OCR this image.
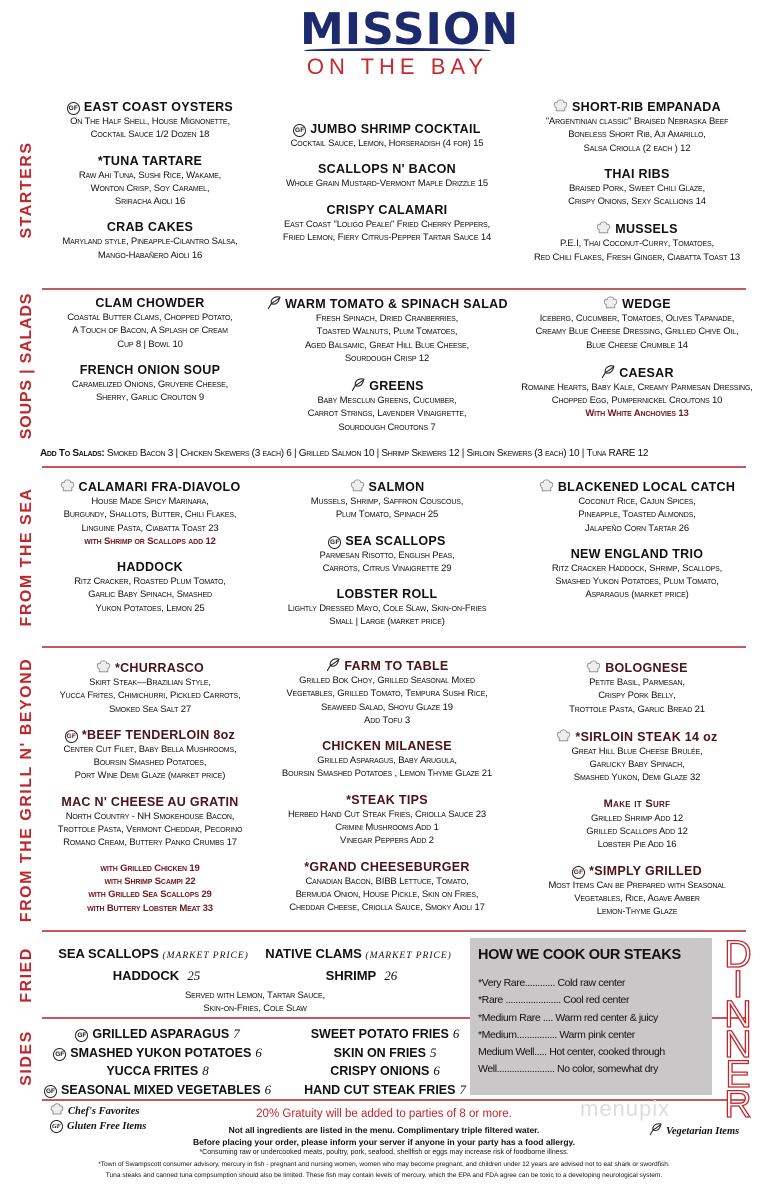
MISSION
ON THE BAY
STARTERS
SOUPS | SALADS
FROM THE SEA
FROM THE GRILL N' BEYOND
FRIED
SIDES
GF EAST COAST OYSTERS
On The Half Shell, House Mignonette,
Cocktail Sauce 1/2 Dozen 18
*TUNA TARTARE
Raw Ahi Tuna, Sushi Rice, Wakame,
Wonton Crisp, Soy Caramel,
Sriracha Aioli 16
CRAB CAKES
Maryland style, Pineapple-Cilantro Salsa,
Mango-Habañero Aioli 16
GF JUMBO SHRIMP COCKTAIL
Cocktail Sauce, Lemon, Horseradish (4 for) 15
SCALLOPS N' BACON
Whole Grain Mustard-Vermont Maple Drizzle 15
CRISPY CALAMARI
East Coast "Loligo Pealei" Fried Cherry Peppers,
Fried Lemon, Fiery Citrus-Pepper Tartar Sauce 14
SHORT-RIB EMPANADA
"Argentinian classic" Braised Nebraska Beef
Boneless Short Rib, Aji Amarillo,
Salsa Criolla (2 each ) 12
THAI RIBS
Braised Pork, Sweet Chili Glaze,
Crispy Onions, Sexy Scallions 14
MUSSELS
P.E.I, Thai Coconut-Curry, Tomatoes,
Red Chili Flakes, Fresh Ginger, Ciabatta Toast 13
CLAM CHOWDER
Coastal Butter Clams, Chopped Potato,
A Touch of Bacon, A Splash of Cream
Cup 8 | Bowl 10
FRENCH ONION SOUP
Caramelized Onions, Gruyere Cheese,
Sherry, Garlic Crouton 9
WARM TOMATO & SPINACH SALAD
Fresh Spinach, Dried Cranberries,
Toasted Walnuts, Plum Tomatoes,
Aged Balsamic, Great Hill Blue Cheese,
Sourdough Crisp 12
GREENS
Baby Mesclun Greens, Cucumber,
Carrot Strings, Lavender Vinaigrette,
Sourdough Croutons 7
WEDGE
Iceberg, Cucumber, Tomatoes, Olives Tapanade,
Creamy Blue Cheese Dressing, Grilled Chive Oil,
Blue Cheese Crumble 14
CAESAR
Romaine Hearts, Baby Kale, Creamy Parmesan Dressing,
Chopped Egg, Pumpernickel Croutons 10
With White Anchovies 13
CALAMARI FRA-DIAVOLO
House Made Spicy Marinara,
Burgundy, Shallots, Butter, Chili Flakes,
Linguine Pasta, Ciabatta Toast 23
with Shrimp or Scallops add 12
HADDOCK
Ritz Cracker, Roasted Plum Tomato,
Garlic Baby Spinach, Smashed
Yukon Potatoes, Lemon 25
SALMON
Mussels, Shrimp, Saffron Couscous,
Plum Tomato, Spinach 25
GF SEA SCALLOPS
Parmesan Risotto, English Peas,
Carrots, Citrus Vinaigrette 29
LOBSTER ROLL
Lightly Dressed Mayo, Cole Slaw, Skin-on-Fries
Small | Large (market price)
BLACKENED LOCAL CATCH
Coconut Rice, Cajun Spices,
Pineapple, Toasted Almonds,
Jalapeño Corn Tartar 26
NEW ENGLAND TRIO
Ritz Cracker Haddock, Shrimp, Scallops,
Smashed Yukon Potatoes, Plum Tomato,
Asparagus (market price)
*CHURRASCO
Skirt Steak—Brazilian Style,
Yucca Frites, Chimichurri, Pickled Carrots,
Smoked Sea Salt 27
GF *BEEF TENDERLOIN 8oz
Center Cut Filet, Baby Bella Mushrooms,
Boursin Smashed Potatoes,
Port Wine Demi Glaze (market price)
MAC N' CHEESE AU GRATIN
North Country - NH Smokehouse Bacon,
Trottole Pasta, Vermont Cheddar, Pecorino
Romano Cream, Buttery Panko Crumbs 17
with Grilled Chicken 19
with Shrimp Scampi 22
with Grilled Sea Scallops 29
with Buttery Lobster Meat 33
FARM TO TABLE
Grilled Bok Choy, Grilled Seasonal Mixed
Vegetables, Grilled Tomato, Tempura Sushi Rice,
Seaweed Salad, Shoyu Glaze 19
Add Tofu 3
CHICKEN MILANESE
Grilled Asparagus, Baby Arugula,
Boursin Smashed Potatoes , Lemon Thyme Glaze 21
*STEAK TIPS
Herbed Hand Cut Steak Fries, Criolla Sauce 23
Crimini Mushrooms Add 1
Vinegar Peppers Add 2
*GRAND CHEESEBURGER
Canadian Bacon, BIBB Lettuce, Tomato,
Bermuda Onion, House Pickle, Skin on Fries,
Cheddar Cheese, Criolla Sauce, Smoky Aioli 17
BOLOGNESE
Petite Basil, Parmesan,
Crispy Pork Belly,
Trottole Pasta, Garlic Bread 21
*SIRLOIN STEAK 14 oz
Great Hill Blue Cheese Brulée,
Garlicky Baby Spinach,
Smashed Yukon, Demi Glaze 32
Make it Surf
Grilled Shrimp Add 12
Grilled Scallops Add 12
Lobster Pie Add 16
GF *SIMPLY GRILLED
Most Items Can be Prepared with Seasonal
Vegetables, Rice, Agave Amber
Lemon-Thyme Glaze
Add To Salads: Smoked Bacon 3 | Chicken Skewers (3 each) 6 | Grilled Salmon 10 | Shrimp Skewers 12 | Sirloin Skewers (3 each) 10 | Tuna RARE 12
SEA SCALLOPS (MARKET PRICE) NATIVE CLAMS (MARKET PRICE)
HADDOCK 25	SHRIMP 26
Served with Lemon, Tartar Sauce,
Skin-on-Fries, Cole Slaw
GF GRILLED ASPARAGUS 7
GF SMASHED YUKON POTATOES 6
YUCCA FRITES 8
GF SEASONAL MIXED VEGETABLES 6
SWEET POTATO FRIES 6
SKIN ON FRIES 5
CRISPY ONIONS 6
HAND CUT STEAK FRIES 7
HOW WE COOK OUR STEAKS
*Very Rare............ Cold raw center
*Rare ...................... Cool red center
*Medium Rare .... Warm red center & juicy
*Medium................ Warm pink center
Medium Well..... Hot center, cooked through
Well....................... No color, somewhat dry
D
I
N
N
E
R
menupix
Chef's Favorites
GF Gluten Free Items	Vegetarian Items
20% Gratuity will be added to parties of 8 or more.
Not all ingredients are listed in the menu. Complimentary triple filtered water.
Before placing your order, please inform your server if anyone in your party has a food allergy.
*Consuming raw or undercooked meats, poultry, pork, seafood, shellfish or eggs may increase risk of foodborne illness.
*Town of Swampscott consumer advisory, mercury in fish - pregnant and nursing women, women who may become pregnant, and children under 12 years are advised not to eat shark or swordfish.
Tuna steaks and canned tuna compsumption should also be limited. These fish may contain levels of mercury, which the EPA and FDA agree can be toxic to a developing neurological system.
